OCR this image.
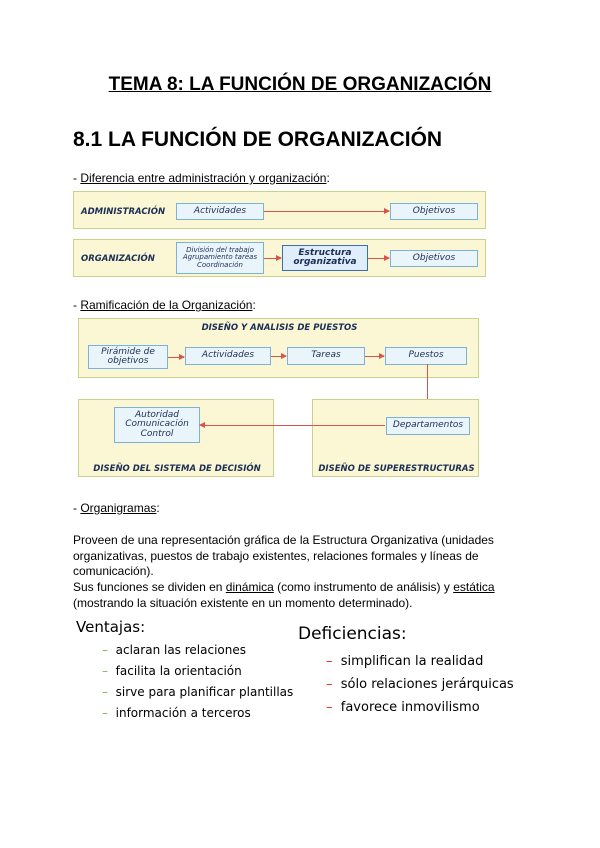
TEMA 8: LA FUNCIÓN DE ORGANIZACIÓN
8.1 LA FUNCIÓN DE ORGANIZACIÓN
- Diferencia entre administración y organización:
ADMINISTRACIÓN	Actividades	Objetivos
ORGANIZACIÓN
División del trabajo
Agrupamiento tareas
Coordinación
Estructura organizativa	Objetivos
- Ramificación de la Organización:
DISEÑO Y ANALISIS DE PUESTOS
Pirámide de objetivos
Actividades	Tareas	Puestos
Autoridad
Comunicación
Control
DISEÑO DEL SISTEMA DE DECISIÓN
Departamentos
DISEÑO DE SUPERESTRUCTURAS
- Organigramas:
Proveen de una representación gráfica de la Estructura Organizativa (unidades organizativas, puestos de trabajo existentes, relaciones formales y líneas de comunicación).
Sus funciones se dividen en dinámica (como instrumento de análisis) y estática (mostrando la situación existente en un momento determinado).
Ventajas:
–  aclaran las relaciones
–  facilita la orientación
–  sirve para planificar plantillas
–  información a terceros
Deficiencias:
–  simplifican la realidad
–  sólo relaciones jerárquicas
–  favorece inmovilismo
